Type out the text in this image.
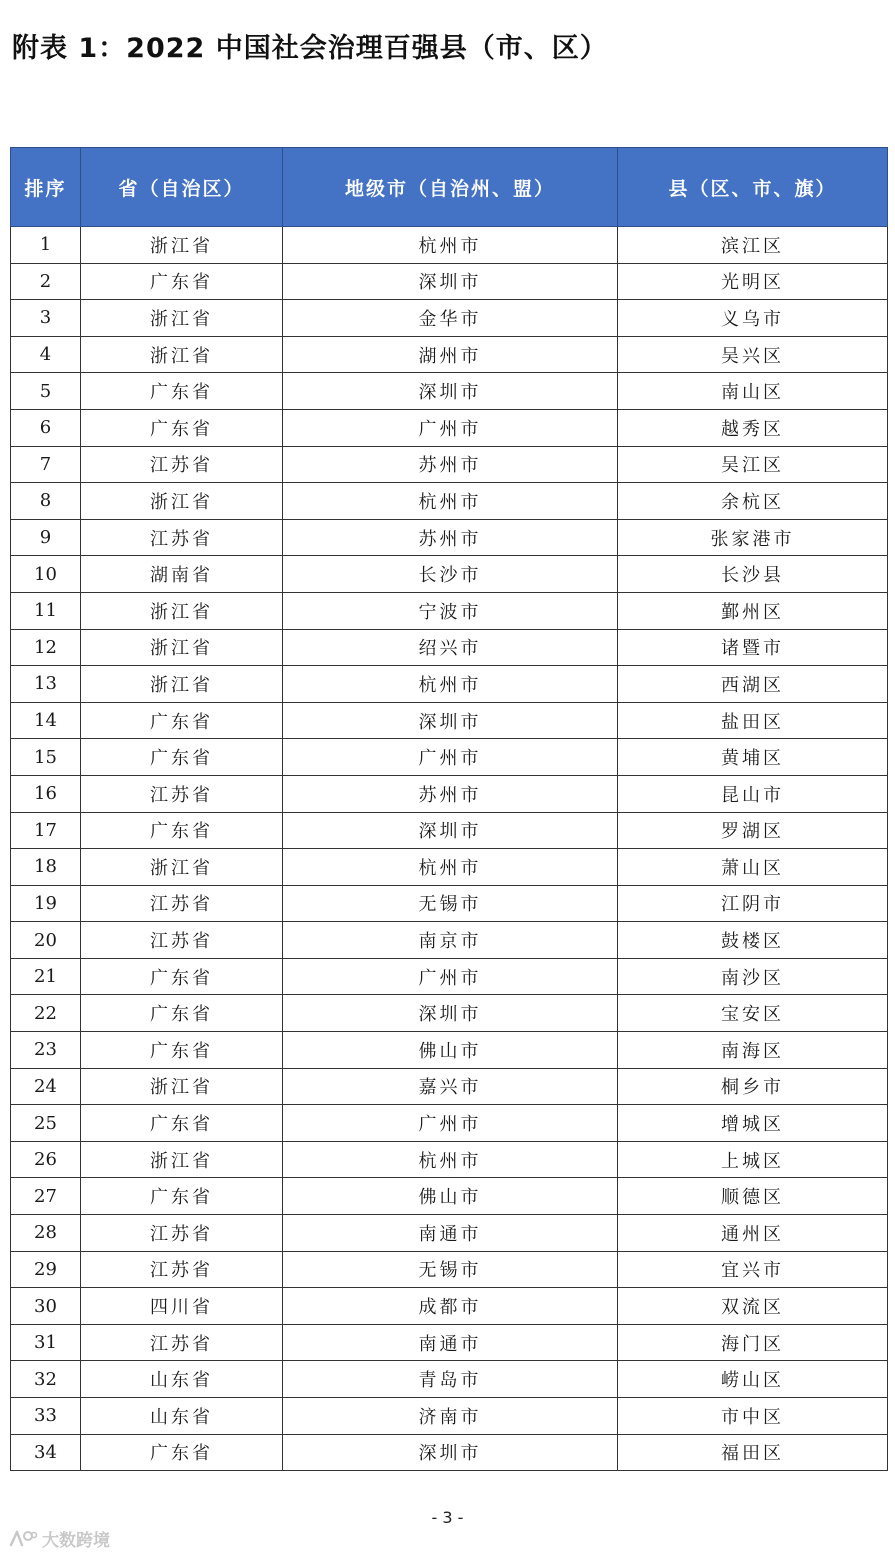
附表 1：2022 中国社会治理百强县（市、区）
排序	省（自治区）	地级市（自治州、盟）	县（区、市、旗）
1	浙江省	杭州市	滨江区
2	广东省	深圳市	光明区
3	浙江省	金华市	义乌市
4	浙江省	湖州市	吴兴区
5	广东省	深圳市	南山区
6	广东省	广州市	越秀区
7	江苏省	苏州市	吴江区
8	浙江省	杭州市	余杭区
9	江苏省	苏州市	张家港市
10	湖南省	长沙市	长沙县
11	浙江省	宁波市	鄞州区
12	浙江省	绍兴市	诸暨市
13	浙江省	杭州市	西湖区
14	广东省	深圳市	盐田区
15	广东省	广州市	黄埔区
16	江苏省	苏州市	昆山市
17	广东省	深圳市	罗湖区
18	浙江省	杭州市	萧山区
19	江苏省	无锡市	江阴市
20	江苏省	南京市	鼓楼区
21	广东省	广州市	南沙区
22	广东省	深圳市	宝安区
23	广东省	佛山市	南海区
24	浙江省	嘉兴市	桐乡市
25	广东省	广州市	增城区
26	浙江省	杭州市	上城区
27	广东省	佛山市	顺德区
28	江苏省	南通市	通州区
29	江苏省	无锡市	宜兴市
30	四川省	成都市	双流区
31	江苏省	南通市	海门区
32	山东省	青岛市	崂山区
33	山东省	济南市	市中区
34	广东省	深圳市	福田区
- 3 -
大数跨境
